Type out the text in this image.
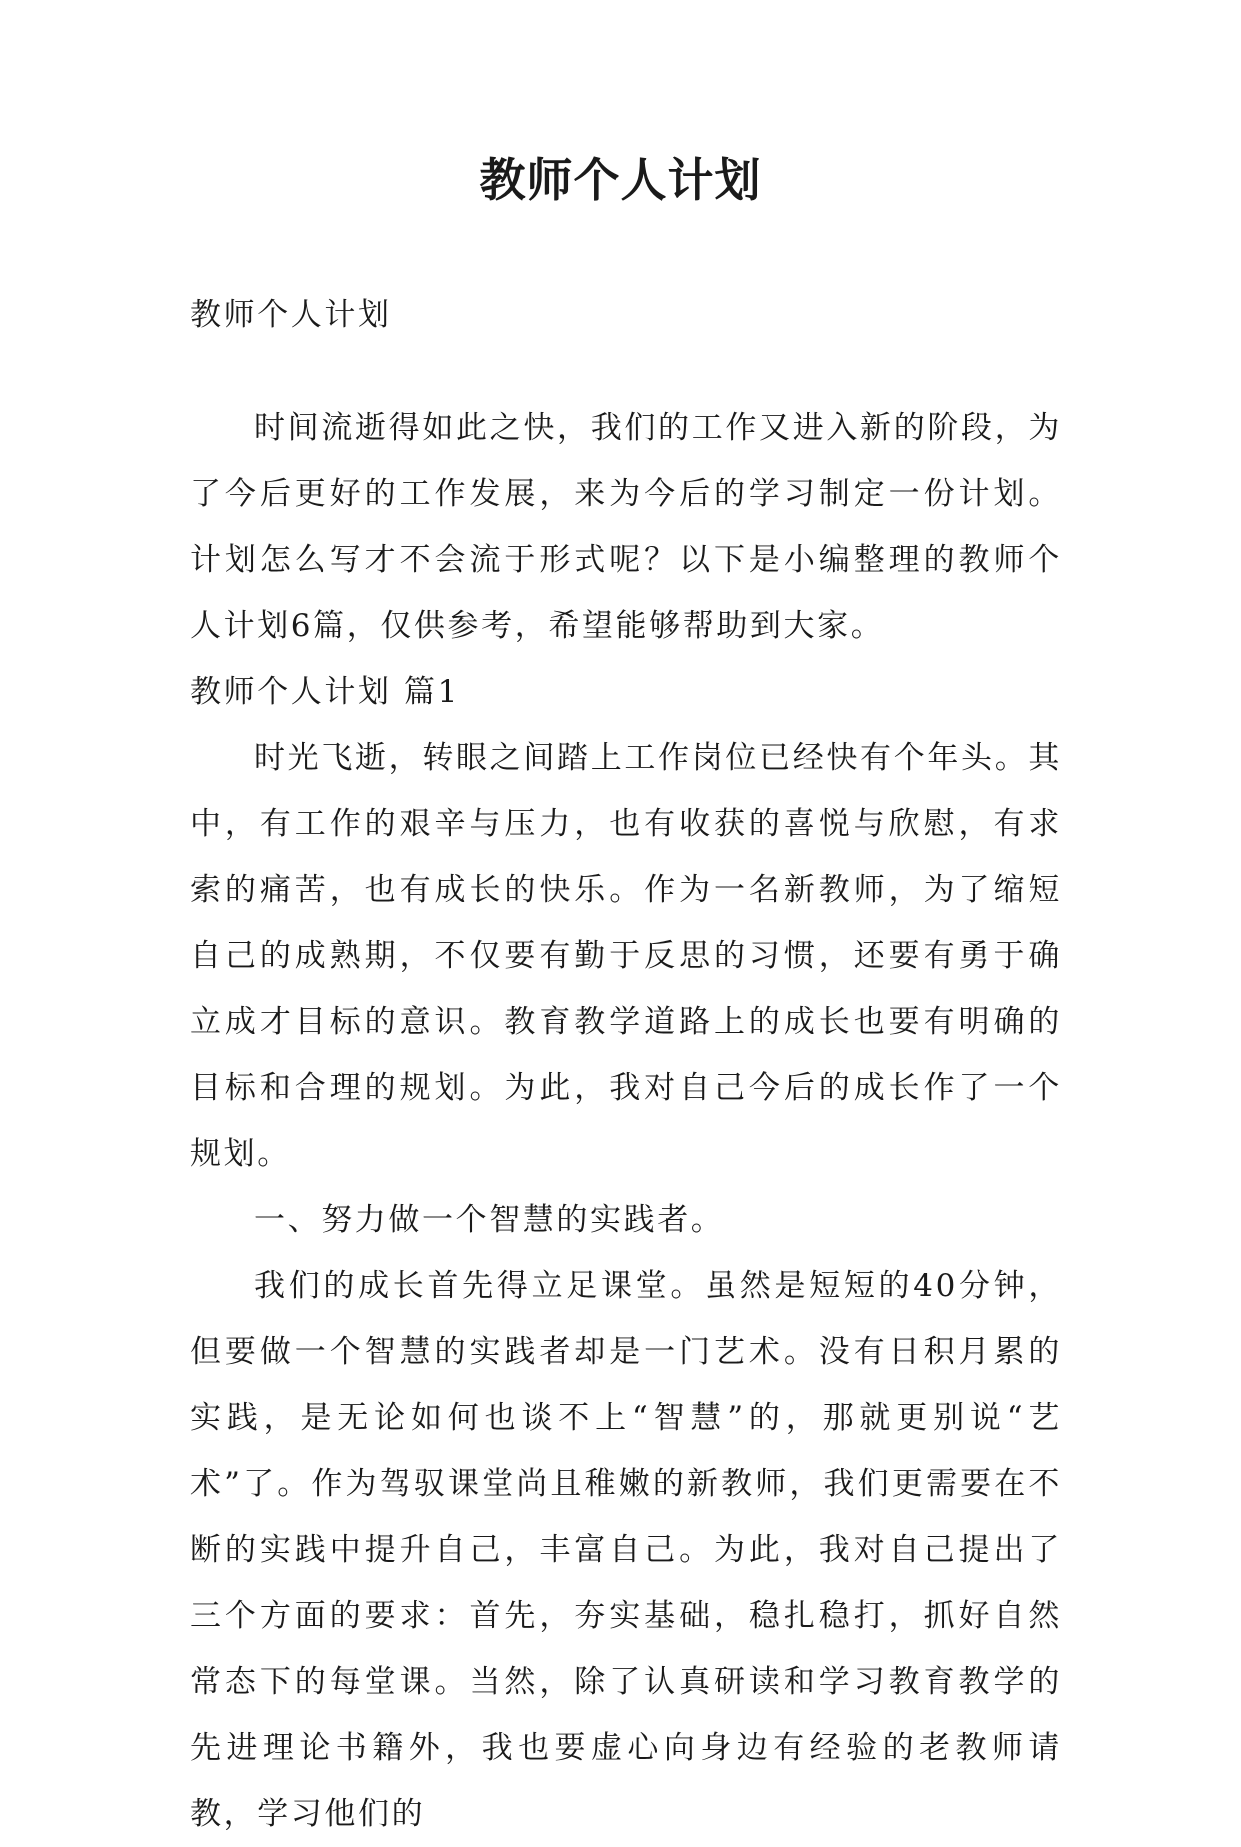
教师个人计划
教师个人计划

时间流逝得如此之快，我们的工作又进入新的阶段，为了今后更好的工作发展，来为今后的学习制定一份计划。计划怎么写才不会流于形式呢？以下是小编整理的教师个人计划6篇，仅供参考，希望能够帮助到大家。

教师个人计划 篇1

时光飞逝，转眼之间踏上工作岗位已经快有个年头。其中，有工作的艰辛与压力，也有收获的喜悦与欣慰，有求索的痛苦，也有成长的快乐。作为一名新教师，为了缩短自己的成熟期，不仅要有勤于反思的习惯，还要有勇于确立成才目标的意识。教育教学道路上的成长也要有明确的目标和合理的规划。为此，我对自己今后的成长作了一个规划。

一、努力做一个智慧的实践者。

我们的成长首先得立足课堂。虽然是短短的40分钟，但要做一个智慧的实践者却是一门艺术。没有日积月累的实践，是无论如何也谈不上“智慧”的，那就更别说“艺术”了。作为驾驭课堂尚且稚嫩的新教师，我们更需要在不断的实践中提升自己，丰富自己。为此，我对自己提出了三个方面的要求：首先，夯实基础，稳扎稳打，抓好自然常态下的每堂课。当然，除了认真研读和学习教育教学的先进理论书籍外，我也要虚心向身边有经验的老教师请教，学习他们的
